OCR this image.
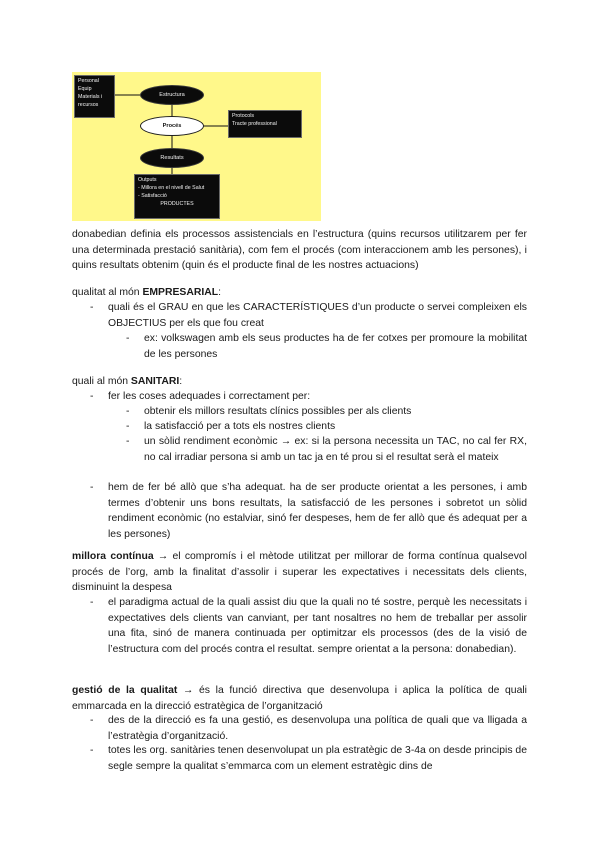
Personal
Equip
Materials i
recursos
Estructura
Procés
Protocols
Tracte professional
Resultats
Outputs
- Millora en el nivell de Salut
- Satisfacció
PRODUCTES

donabedian definia els processos assistencials en l’estructura (quins recursos utilitzarem per fer una determinada prestació sanitària), com fem el procés (com interaccionem amb les persones), i quins resultats obtenim (quin és el producte final de les nostres actuacions)

qualitat al món EMPRESARIAL:

- quali és el GRAU en que les CARACTERÍSTIQUES d’un producte o servei compleixen els OBJECTIUS per els que fou creat

- ex: volkswagen amb els seus productes ha de fer cotxes per promoure la mobilitat de les persones

quali al món SANITARI:

- fer les coses adequades i correctament per:

- obtenir els millors resultats clínics possibles per als clients

- la satisfacció per a tots els nostres clients

- un sòlid rendiment econòmic → ex: si la persona necessita un TAC, no cal fer RX, no cal irradiar persona si amb un tac ja en té prou si el resultat serà el mateix

- hem de fer bé allò que s’ha adequat. ha de ser producte orientat a les persones, i amb termes d’obtenir uns bons resultats, la satisfacció de les persones i sobretot un sòlid rendiment econòmic (no estalviar, sinó fer despeses, hem de fer allò que és adequat per a les persones)

millora contínua → el compromís i el mètode utilitzat per millorar de forma contínua qualsevol procés de l’org, amb la finalitat d’assolir i superar les expectatives i necessitats dels clients, disminuint la despesa

- el paradigma actual de la quali assist diu que la quali no té sostre, perquè les necessitats i expectatives dels clients van canviant, per tant nosaltres no hem de treballar per assolir una fita, sinó de manera continuada per optimitzar els processos (des de la visió de l’estructura com del procés contra el resultat. sempre orientat a la persona: donabedian).

gestió de la qualitat → és la funció directiva que desenvolupa i aplica la política de quali emmarcada en la direcció estratègica de l’organització

- des de la direcció es fa una gestió, es desenvolupa una política de quali que va lligada a l’estratègia d’organització.

- totes les org. sanitàries tenen desenvolupat un pla estratègic de 3-4a on desde principis de segle sempre la qualitat s’emmarca com un element estratègic dins de
